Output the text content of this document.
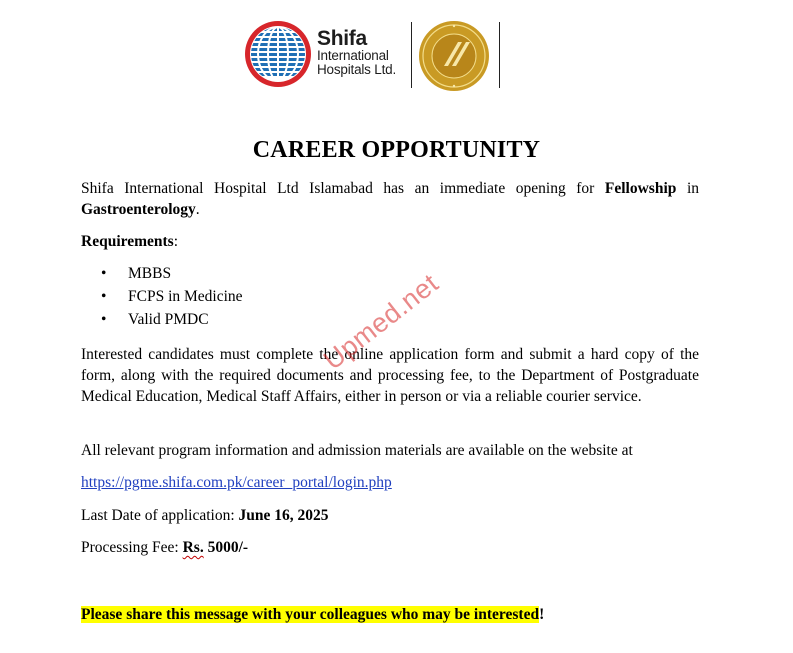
Shifa
International
Hospitals Ltd.
CAREER OPPORTUNITY
Shifa International Hospital Ltd Islamabad has an immediate opening for Fellowship in Gastroenterology.
Requirements:
• MBBS
• FCPS in Medicine
• Valid PMDC
Interested candidates must complete the online application form and submit a hard copy of the form, along with the required documents and processing fee, to the Department of Postgraduate Medical Education, Medical Staff Affairs, either in person or via a reliable courier service.
All relevant program information and admission materials are available on the website at
https://pgme.shifa.com.pk/career_portal/login.php
Last Date of application: June 16, 2025
Processing Fee: Rs. 5000/-
Please share this message with your colleagues who may be interested!
Upmed.net
